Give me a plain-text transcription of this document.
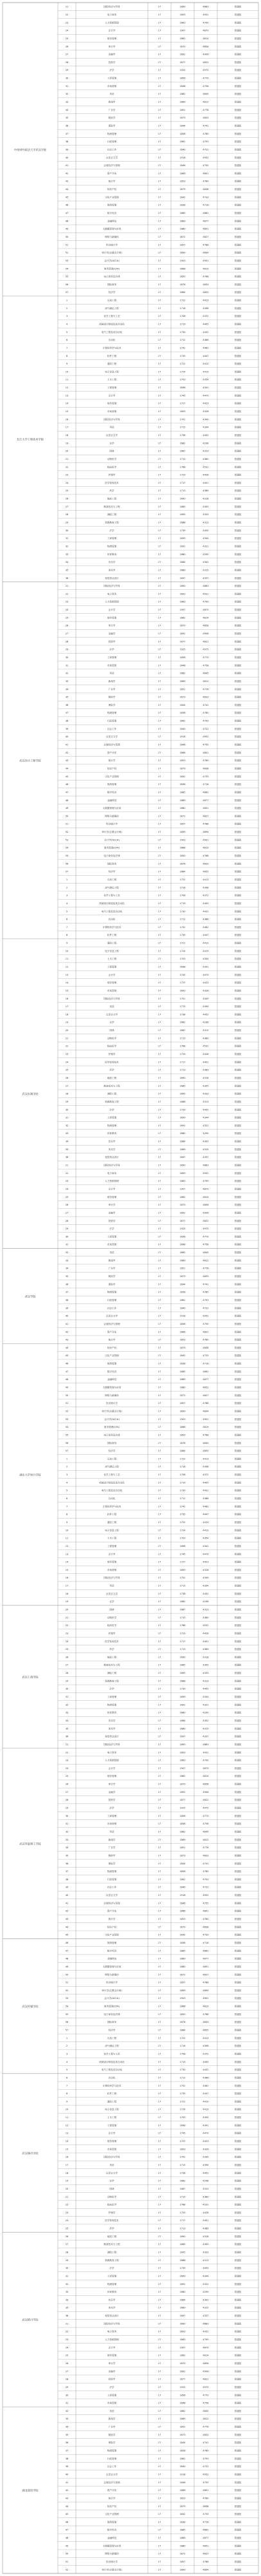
中南财经政法大学武汉学院
21	国际经济与贸易	17	1890	4883	普通批
22	电子商务	17	1893	4931	普通批
23	人力资源管理	17	1863	4790	普通批
24	会计学	17	1907	4870	普通批
25	财务管理	17	1862	4814	普通批
26	审计学	17	1870	4858	普通批
27	金融学	17	1892	4906	普通批
28	投资学	17	1877	4822	普通批
29	法学	17	1925	4975	普通批
30	工商管理	17	1856	4770	普通批
31	市场营销	17	1848	4758	普通批
32	英语	17	1882	4845	普通批
33	新闻学	17	1869	4812	普通批
34	广告学	17	1851	4776	普通批
35	税收学	17	1873	4833	普通批
36	保险学	17	1844	4741	普通批
37	物流管理	17	1858	4785	普通批
38	行政管理	17	1861	4793	普通批
39	社会工作	17	1840	4722	普通批
40	汉语言文学	17	1918	4952	普通批
41	会展经济与管理	17	1846	4755	普通批
42	资产评估	17	1866	4801	普通批
43	统计学	17	1853	4780	普通批
44	知识产权	17	1879	4838	普通批
45	文化产业管理	17	1842	4733	普通批
46	旅游管理	17	1838	4716	普通批
47	数字经济	17	1885	4862	普通批
48	金融科技	17	1889	4877	普通批
49	大数据管理与应用	17	1880	4851	普通批
50	网络与新媒体	17	1872	4827	普通批
51	经济统计学	17	1857	4788	普通批
52	审计学(注册会计师)	17	1899	4894	普通批
53	会计学(ACCA)	17	1903	4901	普通批
54	财务管理(CFA)	17	1868	4819	普通批
55	电子商务及法律	17	1850	4768	普通批
56	国际商务	17	1876	4830	普通批
57	经济学	17	1884	4855	普通批
长江大学工程技术学院
1	石油工程	17	1722	4413	普通批
2	油气储运工程	17	1716	4398	普通批
3	化学工程与工艺	17	1708	4372	普通批
4	机械设计制造及其自动化	17	1719	4405	普通批
5	电气工程及其自动化	17	1730	4431	普通批
6	自动化	17	1712	4386	普通批
7	计算机科学与技术	17	1741	4462	普通批
8	软件工程	17	1735	4447	普通批
9	通信工程	17	1721	4410	普通批
10	电子信息工程	17	1724	4419	普通批
11	土木工程	17	1703	4354	普通批
12	工程管理	17	1698	4341	普通批
13	会计学	17	1745	4470	普通批
14	财务管理	17	1727	4423	普通批
15	市场营销	17	1693	4326	普通批
16	国际经济与贸易	17	1701	4349	普通批
17	英语	17	1715	4394	普通批
18	汉语言文学	17	1738	4452	普通批
19	农学	17	1682	4298	普通批
20	园林	17	1687	4310	普通批
21	动物医学	17	1710	4380	普通批
22	临床医学	17	1768	4531	普通批
23	护理学	17	1729	4428	普通批
24	医学检验技术	17	1717	4401	普通批
25	药学	17	1713	4389	普通批
26	地质工程	17	1690	4318	普通批
27	勘查技术与工程	17	1685	4305	普通批
28	测绘工程	17	1695	4333	普通批
29	资源勘查工程	17	1688	4313	普通批
30	法学	17	1739	4455	普通批
31	工商管理	17	1699	4344	普通批
32	物流管理	17	1691	4321	普通批
33	体育教育	17	1680	4290	普通批
34	音乐学	17	1684	4302	普通批
35	美术学	17	1689	4315	普通批
36	视觉传达设计	17	1697	4337	普通批
武汉设计工程学院
21	国际经济与贸易	17	1890	4883	普通批
22	电子商务	17	1893	4931	普通批
23	人力资源管理	17	1863	4790	普通批
24	会计学	17	1907	4870	普通批
25	财务管理	17	1862	4814	普通批
26	审计学	17	1870	4858	普通批
27	金融学	17	1892	4906	普通批
28	投资学	17	1877	4822	普通批
29	法学	17	1925	4975	普通批
30	工商管理	17	1856	4770	普通批
31	市场营销	17	1848	4758	普通批
32	英语	17	1882	4845	普通批
33	新闻学	17	1869	4812	普通批
34	广告学	17	1851	4776	普通批
35	税收学	17	1873	4833	普通批
36	保险学	17	1844	4741	普通批
37	物流管理	17	1858	4785	普通批
38	行政管理	17	1861	4793	普通批
39	社会工作	17	1840	4722	普通批
40	汉语言文学	17	1918	4952	普通批
41	会展经济与管理	17	1846	4755	普通批
42	资产评估	17	1866	4801	普通批
43	统计学	17	1853	4780	普通批
44	知识产权	17	1879	4838	普通批
45	文化产业管理	17	1842	4733	普通批
46	旅游管理	17	1838	4716	普通批
47	数字经济	17	1885	4862	普通批
48	金融科技	17	1889	4877	普通批
49	大数据管理与应用	17	1880	4851	普通批
50	网络与新媒体	17	1872	4827	普通批
51	经济统计学	17	1857	4788	普通批
52	审计学(注册会计师)	17	1899	4894	普通批
53	会计学(ACCA)	17	1903	4901	普通批
54	财务管理(CFA)	17	1868	4819	普通批
55	电子商务及法律	17	1850	4768	普通批
56	国际商务	17	1876	4830	普通批
57	经济学	17	1884	4855	普通批
1	石油工程	17	1722	4413	普通批
2	油气储运工程	17	1716	4398	普通批
3	化学工程与工艺	17	1708	4372	普通批
4	机械设计制造及其自动化	17	1719	4405	普通批
5	电气工程及其自动化	17	1730	4431	普通批
6	自动化	17	1712	4386	普通批
7	计算机科学与技术	17	1741	4462	普通批
8	软件工程	17	1735	4447	普通批
武汉东湖学院
9	通信工程	17	1721	4410	普通批
10	电子信息工程	17	1724	4419	普通批
11	土木工程	17	1703	4354	普通批
12	工程管理	17	1698	4341	普通批
13	会计学	17	1745	4470	普通批
14	财务管理	17	1727	4423	普通批
15	市场营销	17	1693	4326	普通批
16	国际经济与贸易	17	1701	4349	普通批
17	英语	17	1715	4394	普通批
18	汉语言文学	17	1738	4452	普通批
19	农学	17	1682	4298	普通批
20	园林	17	1687	4310	普通批
21	动物医学	17	1710	4380	普通批
22	临床医学	17	1768	4531	普通批
23	护理学	17	1729	4428	普通批
24	医学检验技术	17	1717	4401	普通批
25	药学	17	1713	4389	普通批
26	地质工程	17	1690	4318	普通批
27	勘查技术与工程	17	1685	4305	普通批
28	测绘工程	17	1695	4333	普通批
29	资源勘查工程	17	1688	4313	普通批
30	法学	17	1739	4455	普通批
31	工商管理	17	1699	4344	普通批
32	物流管理	17	1691	4321	普通批
33	体育教育	17	1680	4290	普通批
34	音乐学	17	1684	4302	普通批
35	美术学	17	1689	4315	普通批
36	视觉传达设计	17	1697	4337	普通批
21	国际经济与贸易	17	1890	4883	普通批
22	电子商务	17	1893	4931	普通批
23	人力资源管理	17	1863	4790	普通批
24	会计学	17	1907	4870	普通批
25	财务管理	17	1862	4814	普通批
26	审计学	17	1870	4858	普通批
27	金融学	17	1892	4906	普通批
28	投资学	17	1877	4822	普通批
29	法学	17	1925	4975	普通批
30	工商管理	17	1856	4770	普通批
31	市场营销	17	1848	4758	普通批
武汉学院
32	英语	17	1882	4845	普通批
33	新闻学	17	1869	4812	普通批
34	广告学	17	1851	4776	普通批
35	税收学	17	1873	4833	普通批
36	保险学	17	1844	4741	普通批
37	物流管理	17	1858	4785	普通批
38	行政管理	17	1861	4793	普通批
39	社会工作	17	1840	4722	普通批
40	汉语言文学	17	1918	4952	普通批
41	会展经济与管理	17	1846	4755	普通批
42	资产评估	17	1866	4801	普通批
43	统计学	17	1853	4780	普通批
湖北大学知行学院
44	知识产权	17	1879	4838	普通批
45	文化产业管理	17	1842	4733	普通批
46	旅游管理	17	1838	4716	普通批
47	数字经济	17	1885	4862	普通批
48	金融科技	17	1889	4877	普通批
49	大数据管理与应用	17	1880	4851	普通批
50	网络与新媒体	17	1872	4827	普通批
51	经济统计学	17	1857	4788	普通批
52	审计学(注册会计师)	17	1899	4894	普通批
53	会计学(ACCA)	17	1903	4901	普通批
54	财务管理(CFA)	17	1868	4819	普通批
55	电子商务及法律	17	1850	4768	普通批
56	国际商务	17	1876	4830	普通批
57	经济学	17	1884	4855	普通批
1	石油工程	17	1722	4413	普通批
2	油气储运工程	17	1716	4398	普通批
3	化学工程与工艺	17	1708	4372	普通批
4	机械设计制造及其自动化	17	1719	4405	普通批
5	电气工程及其自动化	17	1730	4431	普通批
6	自动化	17	1712	4386	普通批
7	计算机科学与技术	17	1741	4462	普通批
8	软件工程	17	1735	4447	普通批
9	通信工程	17	1721	4410	普通批
10	电子信息工程	17	1724	4419	普通批
11	土木工程	17	1703	4354	普通批
12	工程管理	17	1698	4341	普通批
13	会计学	17	1745	4470	普通批
14	财务管理	17	1727	4423	普通批
15	市场营销	17	1693	4326	普通批
16	国际经济与贸易	17	1701	4349	普通批
17	英语	17	1715	4394	普通批
18	汉语言文学	17	1738	4452	普通批
19	农学	17	1682	4298	普通批
武汉工商学院
20	园林	17	1687	4310	普通批
21	动物医学	17	1710	4380	普通批
22	临床医学	17	1768	4531	普通批
23	护理学	17	1729	4428	普通批
24	医学检验技术	17	1717	4401	普通批
25	药学	17	1713	4389	普通批
26	地质工程	17	1690	4318	普通批
27	勘查技术与工程	17	1685	4305	普通批
28	测绘工程	17	1695	4333	普通批
29	资源勘查工程	17	1688	4313	普通批
30	法学	17	1739	4455	普通批
31	工商管理	17	1699	4344	普通批
32	物流管理	17	1691	4321	普通批
33	体育教育	17	1680	4290	普通批
34	音乐学	17	1684	4302	普通批
35	美术学	17	1689	4315	普通批
36	视觉传达设计	17	1697	4337	普通批
21	国际经济与贸易	17	1890	4883	普通批
武汉华夏理工学院
22	电子商务	17	1893	4931	普通批
23	人力资源管理	17	1863	4790	普通批
24	会计学	17	1907	4870	普通批
25	财务管理	17	1862	4814	普通批
26	审计学	17	1870	4858	普通批
27	金融学	17	1892	4906	普通批
28	投资学	17	1877	4822	普通批
29	法学	17	1925	4975	普通批
30	工商管理	17	1856	4770	普通批
31	市场营销	17	1848	4758	普通批
32	英语	17	1882	4845	普通批
33	新闻学	17	1869	4812	普通批
34	广告学	17	1851	4776	普通批
35	税收学	17	1873	4833	普通批
36	保险学	17	1844	4741	普通批
37	物流管理	17	1858	4785	普通批
38	行政管理	17	1861	4793	普通批
39	社会工作	17	1840	4722	普通批
40	汉语言文学	17	1918	4952	普通批
41	会展经济与管理	17	1846	4755	普通批
42	资产评估	17	1866	4801	普通批
43	统计学	17	1853	4780	普通批
44	知识产权	17	1879	4838	普通批
45	文化产业管理	17	1842	4733	普通批
武汉传媒学院
46	旅游管理	17	1838	4716	普通批
47	数字经济	17	1885	4862	普通批
48	金融科技	17	1889	4877	普通批
49	大数据管理与应用	17	1880	4851	普通批
50	网络与新媒体	17	1872	4827	普通批
51	经济统计学	17	1857	4788	普通批
52	审计学(注册会计师)	17	1899	4894	普通批
53	会计学(ACCA)	17	1903	4901	普通批
54	财务管理(CFA)	17	1868	4819	普通批
55	电子商务及法律	17	1850	4768	普通批
56	国际商务	17	1876	4830	普通批
57	经济学	17	1884	4855	普通批
1	石油工程	17	1722	4413	普通批
2	油气储运工程	17	1716	4398	普通批
3	化学工程与工艺	17	1708	4372	普通批
4	机械设计制造及其自动化	17	1719	4405	普通批
5	电气工程及其自动化	17	1730	4431	普通批
武汉城市学院
6	自动化	17	1712	4386	普通批
7	计算机科学与技术	17	1741	4462	普通批
8	软件工程	17	1735	4447	普通批
9	通信工程	17	1721	4410	普通批
10	电子信息工程	17	1724	4419	普通批
11	土木工程	17	1703	4354	普通批
12	工程管理	17	1698	4341	普通批
13	会计学	17	1745	4470	普通批
14	财务管理	17	1727	4423	普通批
15	市场营销	17	1693	4326	普通批
16	国际经济与贸易	17	1701	4349	普通批
17	英语	17	1715	4394	普通批
18	汉语言文学	17	1738	4452	普通批
19	农学	17	1682	4298	普通批
20	园林	17	1687	4310	普通批
21	动物医学	17	1710	4380	普通批
22	临床医学	17	1768	4531	普通批
23	护理学	17	1729	4428	普通批
24	医学检验技术	17	1717	4401	普通批
25	药学	17	1713	4389	普通批
武汉晴川学院
26	地质工程	17	1690	4318	普通批
27	勘查技术与工程	17	1685	4305	普通批
28	测绘工程	17	1695	4333	普通批
29	资源勘查工程	17	1688	4313	普通批
30	法学	17	1739	4455	普通批
31	工商管理	17	1699	4344	普通批
32	物流管理	17	1691	4321	普通批
33	体育教育	17	1680	4290	普通批
34	音乐学	17	1684	4302	普通批
35	美术学	17	1689	4315	普通批
36	视觉传达设计	17	1697	4337	普通批
21	国际经济与贸易	17	1890	4883	普通批
22	电子商务	17	1893	4931	普通批
23	人力资源管理	17	1863	4790	普通批
24	会计学	17	1907	4870	普通批
25	财务管理	17	1862	4814	普通批
26	审计学	17	1870	4858	普通批
27	金融学	17	1892	4906	普通批
28	投资学	17	1877	4822	普通批
29	法学	17	1925	4975	普通批
30	工商管理	17	1856	4770	普通批
31	市场营销	17	1848	4758	普通批
湖北商贸学院
32	英语	17	1882	4845	普通批
33	新闻学	17	1869	4812	普通批
34	广告学	17	1851	4776	普通批
35	税收学	17	1873	4833	普通批
36	保险学	17	1844	4741	普通批
37	物流管理	17	1858	4785	普通批
38	行政管理	17	1861	4793	普通批
39	社会工作	17	1840	4722	普通批
40	汉语言文学	17	1918	4952	普通批
41	会展经济与管理	17	1846	4755	普通批
42	资产评估	17	1866	4801	普通批
43	统计学	17	1853	4780	普通批
44	知识产权	17	1879	4838	普通批
45	文化产业管理	17	1842	4733	普通批
46	旅游管理	17	1838	4716	普通批
47	数字经济	17	1885	4862	普通批
48	金融科技	17	1889	4877	普通批
49	大数据管理与应用	17	1880	4851	普通批
50	网络与新媒体	17	1872	4827	普通批
51	经济统计学	17	1857	4788	普通批
52	审计学(注册会计师)	17	1899	4894	普通批
